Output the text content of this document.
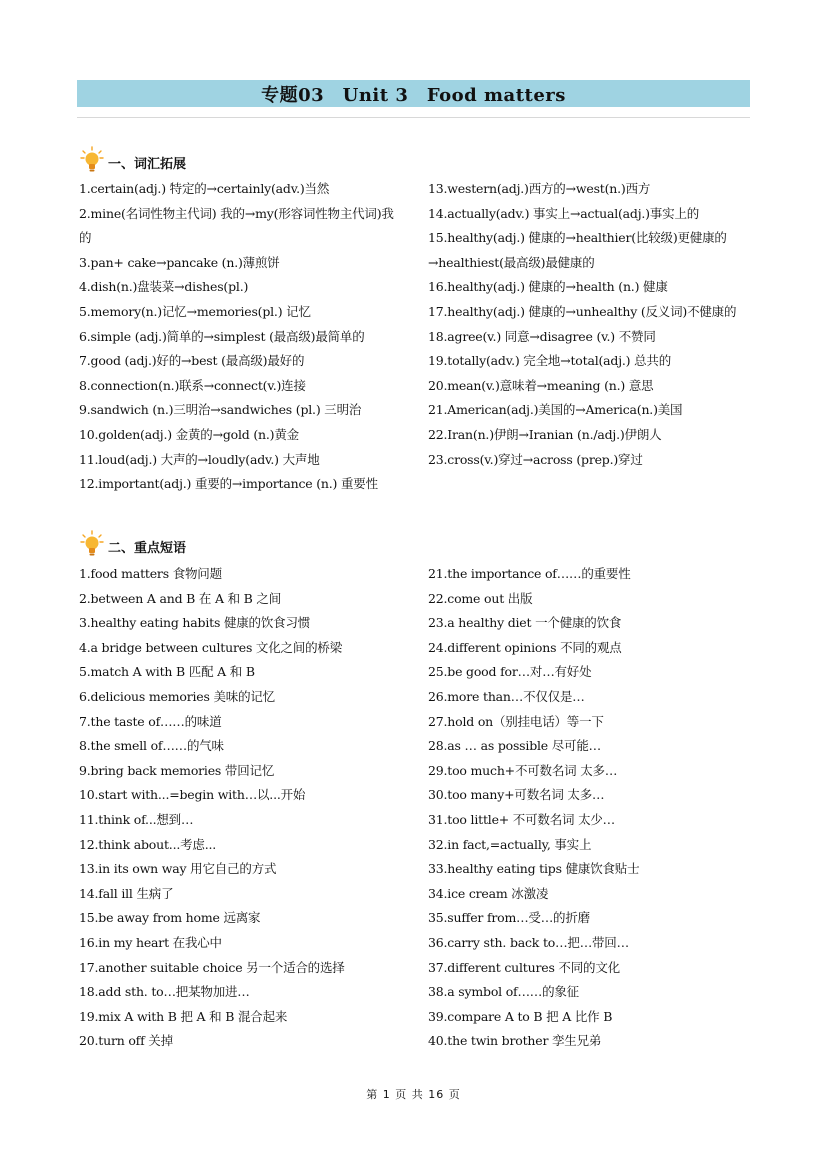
专题03　Unit 3　Food matters
一、词汇拓展
1.certain(adj.) 特定的→certainly(adv.)当然
2.mine(名词性物主代词) 我的→my(形容词性物主代词)我的
3.pan+ cake→pancake (n.)薄煎饼
4.dish(n.)盘装菜→dishes(pl.)
5.memory(n.)记忆→memories(pl.) 记忆
6.simple (adj.)简单的→simplest (最高级)最简单的
7.good (adj.)好的→best (最高级)最好的
8.connection(n.)联系→connect(v.)连接
9.sandwich (n.)三明治→sandwiches (pl.) 三明治
10.golden(adj.) 金黄的→gold (n.)黄金
11.loud(adj.) 大声的→loudly(adv.) 大声地
12.important(adj.) 重要的→importance (n.) 重要性
13.western(adj.)西方的→west(n.)西方
14.actually(adv.) 事实上→actual(adj.)事实上的
15.healthy(adj.) 健康的→healthier(比较级)更健康的→healthiest(最高级)最健康的
16.healthy(adj.) 健康的→health (n.) 健康
17.healthy(adj.) 健康的→unhealthy (反义词)不健康的
18.agree(v.) 同意→disagree (v.) 不赞同
19.totally(adv.) 完全地→total(adj.) 总共的
20.mean(v.)意味着→meaning (n.) 意思
21.American(adj.)美国的→America(n.)美国
22.Iran(n.)伊朗→Iranian (n./adj.)伊朗人
23.cross(v.)穿过→across (prep.)穿过
二、重点短语
1.food matters 食物问题
2.between A and B 在 A 和 B 之间
3.healthy eating habits 健康的饮食习惯
4.a bridge between cultures 文化之间的桥梁
5.match A with B 匹配 A 和 B
6.delicious memories 美味的记忆
7.the taste of……的味道
8.the smell of……的气味
9.bring back memories 带回记忆
10.start with...=begin with…以...开始
11.think of...想到…
12.think about...考虑...
13.in its own way 用它自己的方式
14.fall ill 生病了
15.be away from home 远离家
16.in my heart 在我心中
17.another suitable choice 另一个适合的选择
18.add sth. to…把某物加进…
19.mix A with B 把 A 和 B 混合起来
20.turn off 关掉
21.the importance of……的重要性
22.come out 出版
23.a healthy diet 一个健康的饮食
24.different opinions 不同的观点
25.be good for…对…有好处
26.more than…不仅仅是…
27.hold on（别挂电话）等一下
28.as … as possible 尽可能…
29.too much+不可数名词 太多…
30.too many+可数名词 太多…
31.too little+ 不可数名词 太少…
32.in fact,=actually, 事实上
33.healthy eating tips 健康饮食贴士
34.ice cream 冰激凌
35.suffer from…受…的折磨
36.carry sth. back to…把…带回…
37.different cultures 不同的文化
38.a symbol of……的象征
39.compare A to B 把 A 比作 B
40.the twin brother 孪生兄弟
第 1 页 共 16 页
